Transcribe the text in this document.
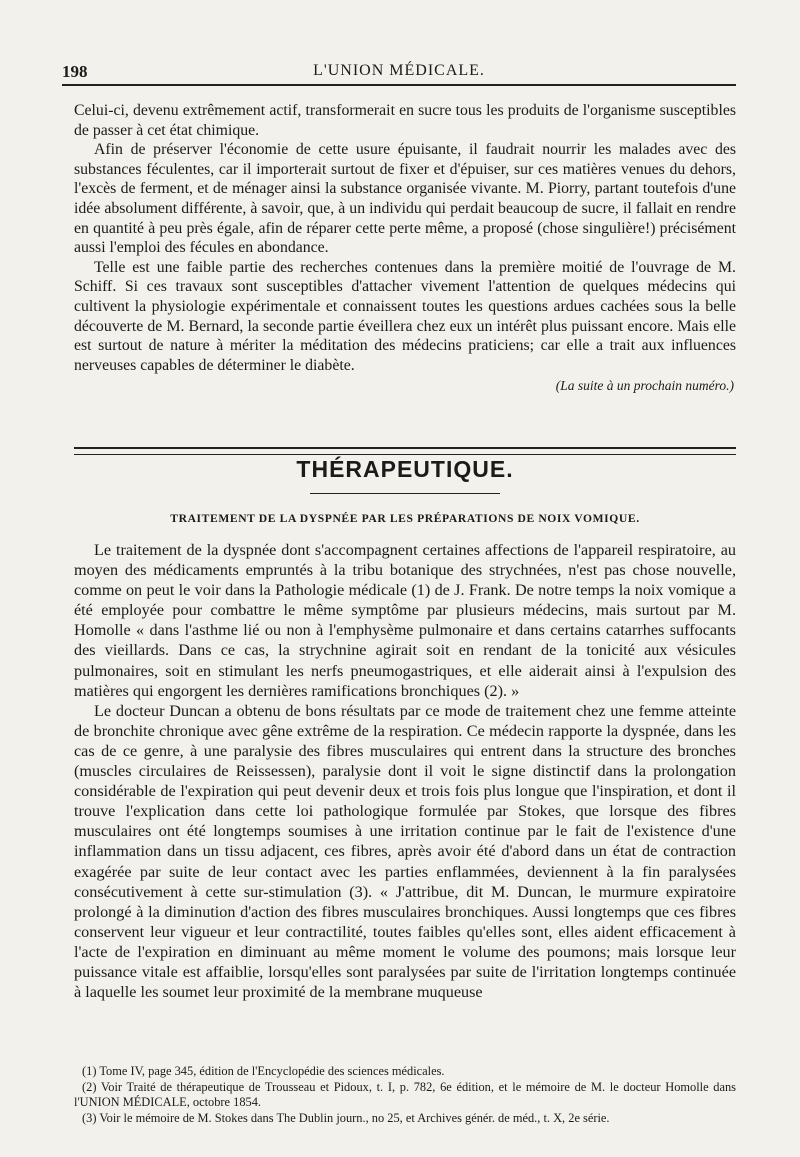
198	L'UNION MÉDICALE.

Celui-ci, devenu extrêmement actif, transformerait en sucre tous les produits de l'organisme susceptibles de passer à cet état chimique.

Afin de préserver l'économie de cette usure épuisante, il faudrait nourrir les malades avec des substances féculentes, car il importerait surtout de fixer et d'épuiser, sur ces matières venues du dehors, l'excès de ferment, et de ménager ainsi la substance organisée vivante. M. Piorry, partant toutefois d'une idée absolument différente, à savoir, que, à un individu qui perdait beaucoup de sucre, il fallait en rendre en quantité à peu près égale, afin de réparer cette perte même, a proposé (chose singulière!) précisément aussi l'emploi des fécules en abondance.

Telle est une faible partie des recherches contenues dans la première moitié de l'ouvrage de M. Schiff. Si ces travaux sont susceptibles d'attacher vivement l'attention de quelques médecins qui cultivent la physiologie expérimentale et connaissent toutes les questions ardues cachées sous la belle découverte de M. Bernard, la seconde partie éveillera chez eux un intérêt plus puissant encore. Mais elle est surtout de nature à mériter la méditation des médecins praticiens; car elle a trait aux influences nerveuses capables de déterminer le diabète.

(La suite à un prochain numéro.)
THÉRAPEUTIQUE.
TRAITEMENT DE LA DYSPNÉE PAR LES PRÉPARATIONS DE NOIX VOMIQUE.

Le traitement de la dyspnée dont s'accompagnent certaines affections de l'appareil respiratoire, au moyen des médicaments empruntés à la tribu botanique des strychnées, n'est pas chose nouvelle, comme on peut le voir dans la Pathologie médicale (1) de J. Frank. De notre temps la noix vomique a été employée pour combattre le même symptôme par plusieurs médecins, mais surtout par M. Homolle « dans l'asthme lié ou non à l'emphysème pulmonaire et dans certains catarrhes suffocants des vieillards. Dans ce cas, la strychnine agirait soit en rendant de la tonicité aux vésicules pulmonaires, soit en stimulant les nerfs pneumogastriques, et elle aiderait ainsi à l'expulsion des matières qui engorgent les dernières ramifications bronchiques (2). »

Le docteur Duncan a obtenu de bons résultats par ce mode de traitement chez une femme atteinte de bronchite chronique avec gêne extrême de la respiration. Ce médecin rapporte la dyspnée, dans les cas de ce genre, à une paralysie des fibres musculaires qui entrent dans la structure des bronches (muscles circulaires de Reissessen), paralysie dont il voit le signe distinctif dans la prolongation considérable de l'expiration qui peut devenir deux et trois fois plus longue que l'inspiration, et dont il trouve l'explication dans cette loi pathologique formulée par Stokes, que lorsque des fibres musculaires ont été longtemps soumises à une irritation continue par le fait de l'existence d'une inflammation dans un tissu adjacent, ces fibres, après avoir été d'abord dans un état de contraction exagérée par suite de leur contact avec les parties enflammées, deviennent à la fin paralysées consécutivement à cette sur-stimulation (3). « J'attribue, dit M. Duncan, le murmure expiratoire prolongé à la diminution d'action des fibres musculaires bronchiques. Aussi longtemps que ces fibres conservent leur vigueur et leur contractilité, toutes faibles qu'elles sont, elles aident efficacement à l'acte de l'expiration en diminuant au même moment le volume des poumons; mais lorsque leur puissance vitale est affaiblie, lorsqu'elles sont paralysées par suite de l'irritation longtemps continuée à laquelle les soumet leur proximité de la membrane muqueuse

(1) Tome IV, page 345, édition de l'Encyclopédie des sciences médicales.

(2) Voir Traité de thérapeutique de Trousseau et Pidoux, t. I, p. 782, 6e édition, et le mémoire de M. le docteur Homolle dans l'UNION MÉDICALE, octobre 1854.

(3) Voir le mémoire de M. Stokes dans The Dublin journ., no 25, et Archives génér. de méd., t. X, 2e série.
